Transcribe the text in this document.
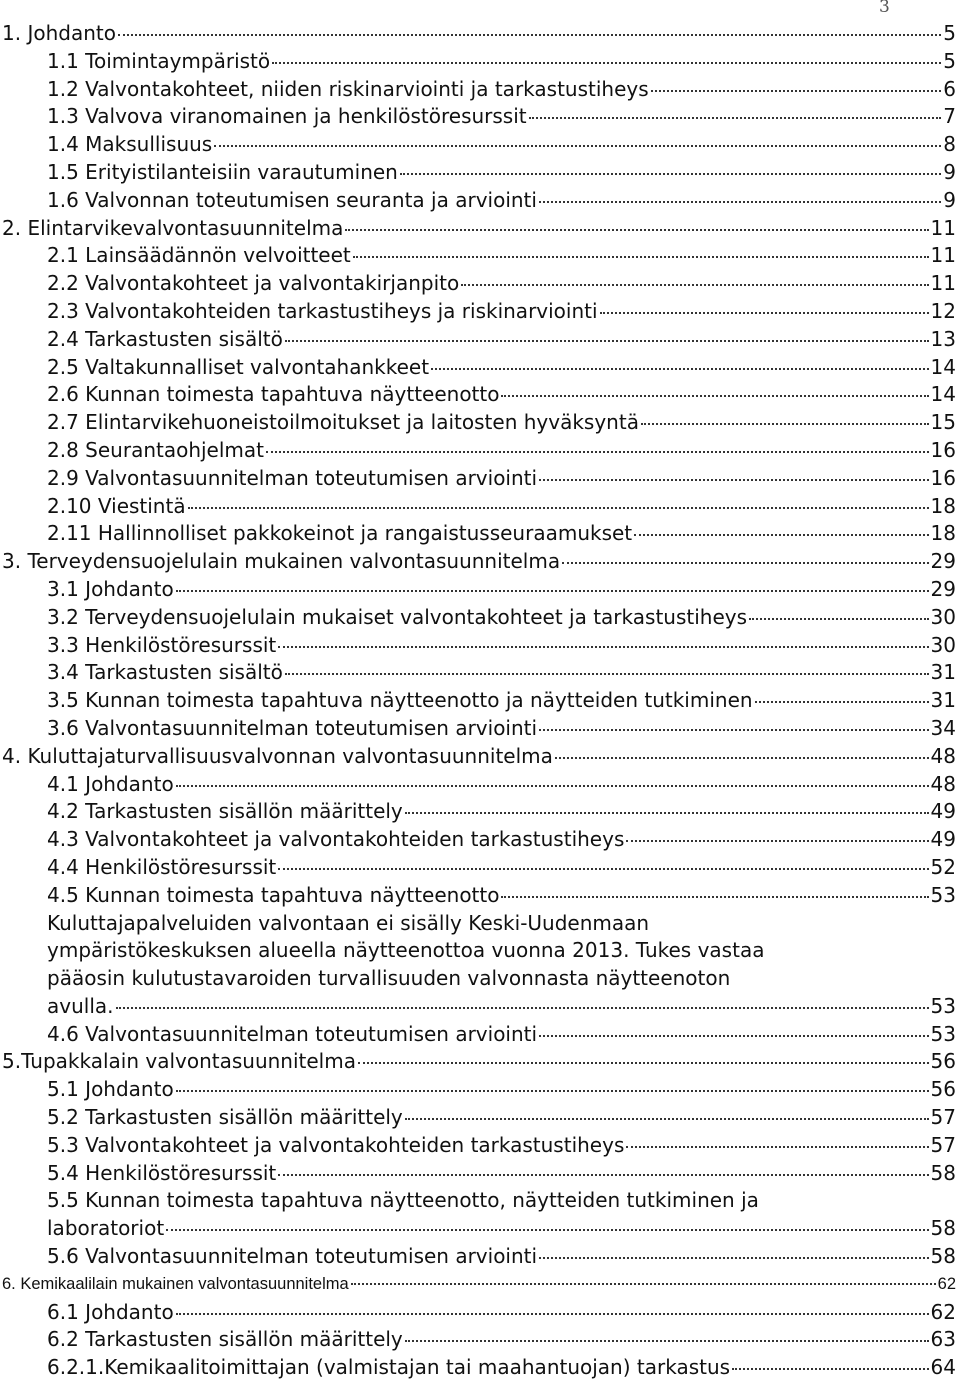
3
1. Johdanto	5
1.1 Toimintaympäristö	5
1.2 Valvontakohteet, niiden riskinarviointi ja tarkastustiheys	6
1.3 Valvova viranomainen ja henkilöstöresurssit	7
1.4 Maksullisuus	8
1.5 Erityistilanteisiin varautuminen	9
1.6 Valvonnan toteutumisen seuranta ja arviointi	9
2. Elintarvikevalvontasuunnitelma	11
2.1 Lainsäädännön velvoitteet	11
2.2 Valvontakohteet ja valvontakirjanpito	11
2.3 Valvontakohteiden tarkastustiheys ja riskinarviointi	12
2.4 Tarkastusten sisältö	13
2.5 Valtakunnalliset valvontahankkeet	14
2.6 Kunnan toimesta tapahtuva näytteenotto	14
2.7 Elintarvikehuoneistoilmoitukset ja laitosten hyväksyntä	15
2.8 Seurantaohjelmat	16
2.9 Valvontasuunnitelman toteutumisen arviointi	16
2.10 Viestintä	18
2.11 Hallinnolliset pakkokeinot ja rangaistusseuraamukset	18
3. Terveydensuojelulain mukainen valvontasuunnitelma	29
3.1 Johdanto	29
3.2 Terveydensuojelulain mukaiset valvontakohteet ja tarkastustiheys	30
3.3 Henkilöstöresurssit	30
3.4 Tarkastusten sisältö	31
3.5 Kunnan toimesta tapahtuva näytteenotto ja näytteiden tutkiminen	31
3.6 Valvontasuunnitelman toteutumisen arviointi	34
4. Kuluttajaturvallisuusvalvonnan valvontasuunnitelma	48
4.1 Johdanto	48
4.2 Tarkastusten sisällön määrittely	49
4.3 Valvontakohteet ja valvontakohteiden tarkastustiheys	49
4.4 Henkilöstöresurssit	52
4.5 Kunnan toimesta tapahtuva näytteenotto	53
Kuluttajapalveluiden valvontaan ei sisälly Keski-Uudenmaan
ympäristökeskuksen alueella näytteenottoa vuonna 2013. Tukes vastaa
pääosin kulutustavaroiden turvallisuuden valvonnasta näytteenoton
avulla.	53
4.6 Valvontasuunnitelman toteutumisen arviointi	53
5.Tupakkalain valvontasuunnitelma	56
5.1 Johdanto	56
5.2 Tarkastusten sisällön määrittely	57
5.3 Valvontakohteet ja valvontakohteiden tarkastustiheys	57
5.4 Henkilöstöresurssit	58
5.5 Kunnan toimesta tapahtuva näytteenotto, näytteiden tutkiminen ja
laboratoriot	58
5.6 Valvontasuunnitelman toteutumisen arviointi	58
6. Kemikaalilain mukainen valvontasuunnitelma	62
6.1 Johdanto	62
6.2 Tarkastusten sisällön määrittely	63
6.2.1.Kemikaalitoimittajan (valmistajan tai maahantuojan) tarkastus	64
